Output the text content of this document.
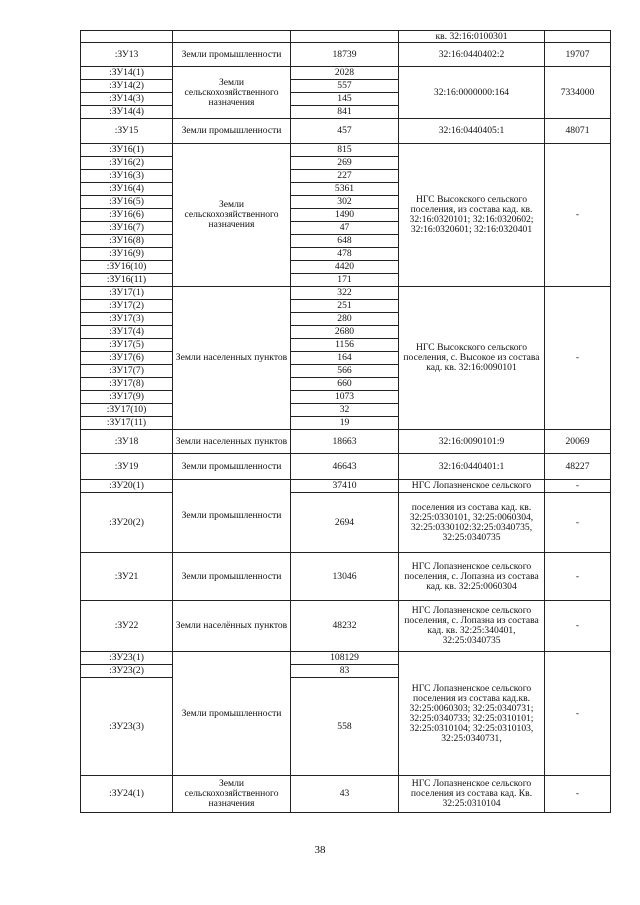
			кв. 32:16:0100301	
:ЗУ13	Земли промышленности	18739	32:16:0440402:2	19707
:ЗУ14(1)	Земли сельскохозяйственного назначения	2028	32:16:0000000:164	7334000
:ЗУ14(2)		557		
:ЗУ14(3)		145		
:ЗУ14(4)		841		
:ЗУ15	Земли промышленности	457	32:16:0440405:1	48071
:ЗУ16(1)	Земли сельскохозяйственного назначения	815	НГС Высокского сельского поселения, из состава кад. кв. 32:16:0320101; 32:16:0320602; 32:16:0320601; 32:16:0320401	-
:ЗУ16(2)		269		
:ЗУ16(3)		227		
:ЗУ16(4)		5361		
:ЗУ16(5)		302		
:ЗУ16(6)		1490		
:ЗУ16(7)		47		
:ЗУ16(8)		648		
:ЗУ16(9)		478		
:ЗУ16(10)		4420		
:ЗУ16(11)		171		
:ЗУ17(1)	Земли населенных пунктов	322	НГС Высокского сельского поселения, с. Высокое из состава кад. кв. 32:16:0090101	-
:ЗУ17(2)		251		
:ЗУ17(3)		280		
:ЗУ17(4)		2680		
:ЗУ17(5)		1156		
:ЗУ17(6)		164		
:ЗУ17(7)		566		
:ЗУ17(8)		660		
:ЗУ17(9)		1073		
:ЗУ17(10)		32		
:ЗУ17(11)		19		
:ЗУ18	Земли населенных пунктов	18663	32:16:0090101:9	20069
:ЗУ19	Земли промышленности	46643	32:16:0440401:1	48227
:ЗУ20(1)	Земли промышленности	37410	НГС Лопазненское сельского	-
:ЗУ20(2)		2694	поселения из состава кад. кв. 32:25:0330101, 32:25:0060304, 32:25:0330102:32:25:0340735, 32:25:0340735	-
:ЗУ21	Земли промышленности	13046	НГС Лопазненское сельского поселения, с. Лопазна из состава кад. кв. 32:25:0060304	-
:ЗУ22	Земли населённых пунктов	48232	НГС Лопазненское сельского поселения, с. Лопазна из состава кад. кв. 32:25:340401, 32:25:0340735	-
:ЗУ23(1)	Земли промышленности	108129	НГС Лопазненское сельского поселения из состава кад.кв. 32:25:0060303; 32:25:0340731; 32:25:0340733; 32:25:0310101; 32:25:0310104; 32:25:0310103, 32:25:0340731,	-
:ЗУ23(2)		83		
:ЗУ23(3)		558		
:ЗУ24(1)	Земли сельскохозяйственного назначения	43	НГС Лопазненское сельского поселения из состава кад. Кв. 32:25:0310104	-
38
